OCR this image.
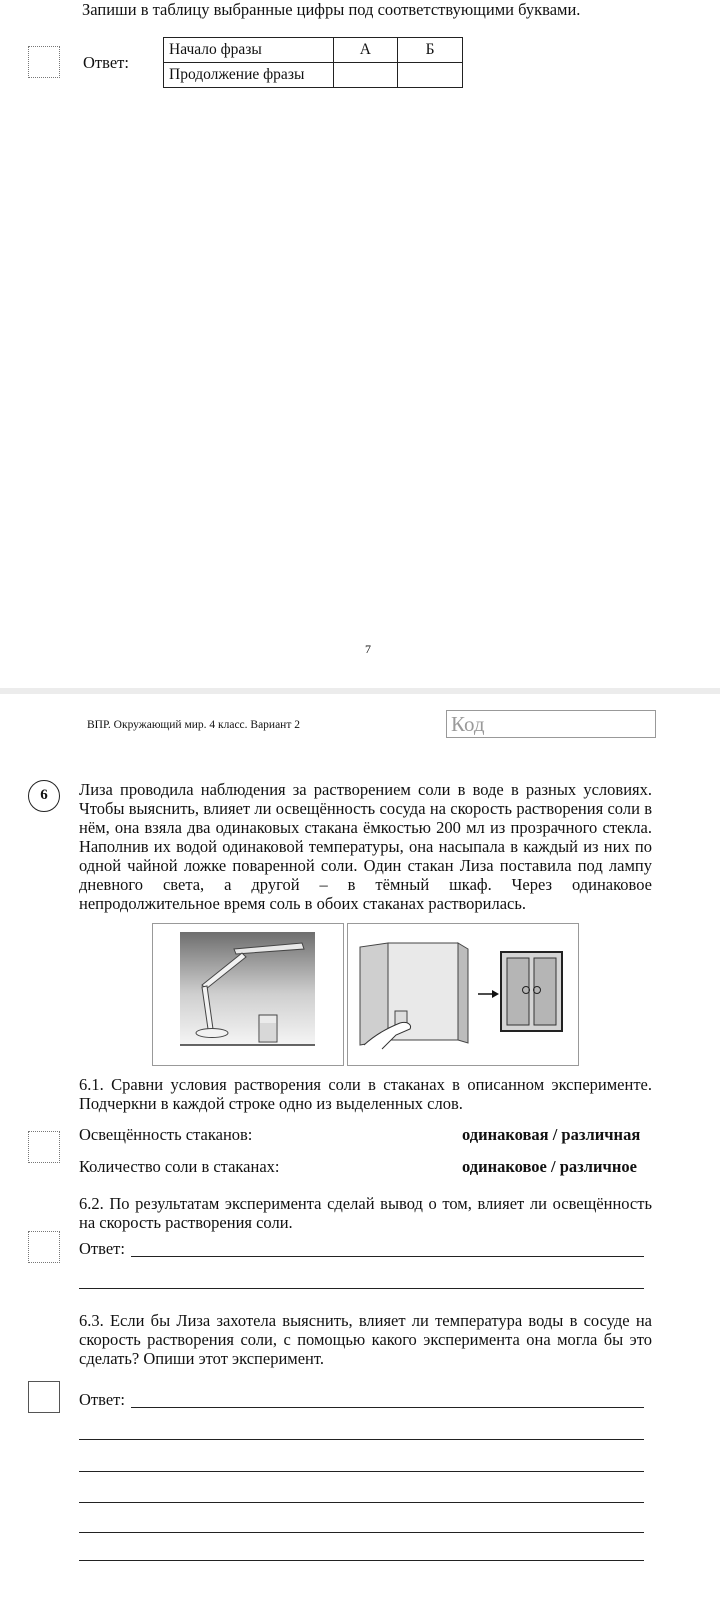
Запиши в таблицу выбранные цифры под соответствующими буквами.
Ответ:
Начало фразы	А	Б
Продолжение фразы		
7
ВПР. Окружающий мир. 4 класс. Вариант 2	Код
6	Лиза проводила наблюдения за растворением соли в воде в разных условиях. Чтобы выяснить, влияет ли освещённость сосуда на скорость растворения соли в нём, она взяла два одинаковых стакана ёмкостью 200 мл из прозрачного стекла. Наполнив их водой одинаковой температуры, она насыпала в каждый из них по одной чайной ложке поваренной соли. Один стакан Лиза поставила под лампу дневного света, а другой – в тёмный шкаф. Через одинаковое непродолжительное время соль в обоих стаканах растворилась.
6.1. Сравни условия растворения соли в стаканах в описанном эксперименте. Подчеркни в каждой строке одно из выделенных слов.
Освещённость стаканов:	одинаковая / различная
Количество соли в стаканах:	одинаковое / различное
6.2. По результатам эксперимента сделай вывод о том, влияет ли освещённость на скорость растворения соли.
Ответ:
6.3. Если бы Лиза захотела выяснить, влияет ли температура воды в сосуде на скорость растворения соли, с помощью какого эксперимента она могла бы это сделать? Опиши этот эксперимент.
Ответ:
